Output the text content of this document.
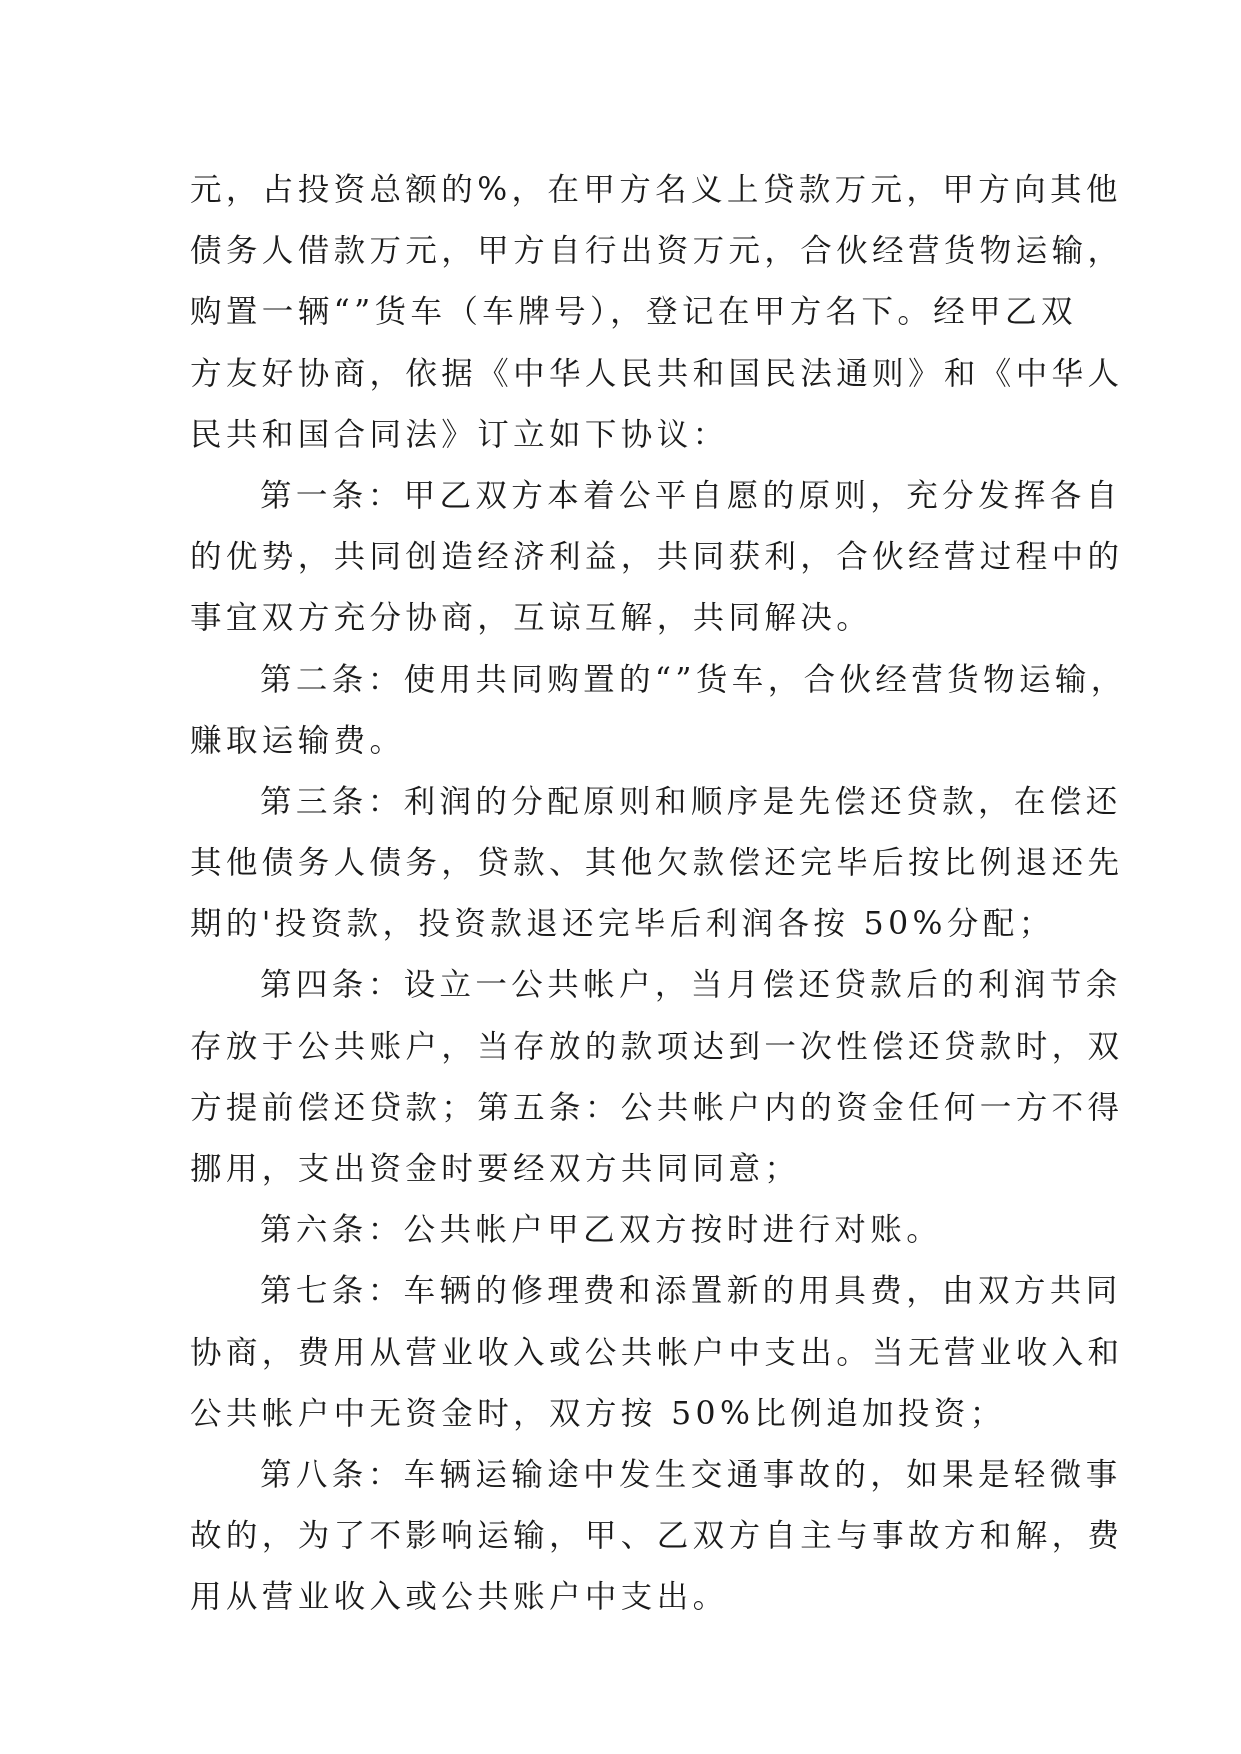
元，占投资总额的%，在甲方名义上贷款万元，甲方向其他
债务人借款万元，甲方自行出资万元，合伙经营货物运输，
购置一辆“”货车（车牌号），登记在甲方名下。经甲乙双
方友好协商，依据《中华人民共和国民法通则》和《中华人
民共和国合同法》订立如下协议：
第一条：甲乙双方本着公平自愿的原则，充分发挥各自
的优势，共同创造经济利益，共同获利，合伙经营过程中的
事宜双方充分协商，互谅互解，共同解决。
第二条：使用共同购置的“”货车，合伙经营货物运输，
赚取运输费。
第三条：利润的分配原则和顺序是先偿还贷款，在偿还
其他债务人债务，贷款、其他欠款偿还完毕后按比例退还先
期的'投资款，投资款退还完毕后利润各按 50%分配；
第四条：设立一公共帐户，当月偿还贷款后的利润节余
存放于公共账户，当存放的款项达到一次性偿还贷款时，双
方提前偿还贷款；第五条：公共帐户内的资金任何一方不得
挪用，支出资金时要经双方共同同意；
第六条：公共帐户甲乙双方按时进行对账。
第七条：车辆的修理费和添置新的用具费，由双方共同
协商，费用从营业收入或公共帐户中支出。当无营业收入和
公共帐户中无资金时，双方按 50%比例追加投资；
第八条：车辆运输途中发生交通事故的，如果是轻微事
故的，为了不影响运输，甲、乙双方自主与事故方和解，费
用从营业收入或公共账户中支出。
